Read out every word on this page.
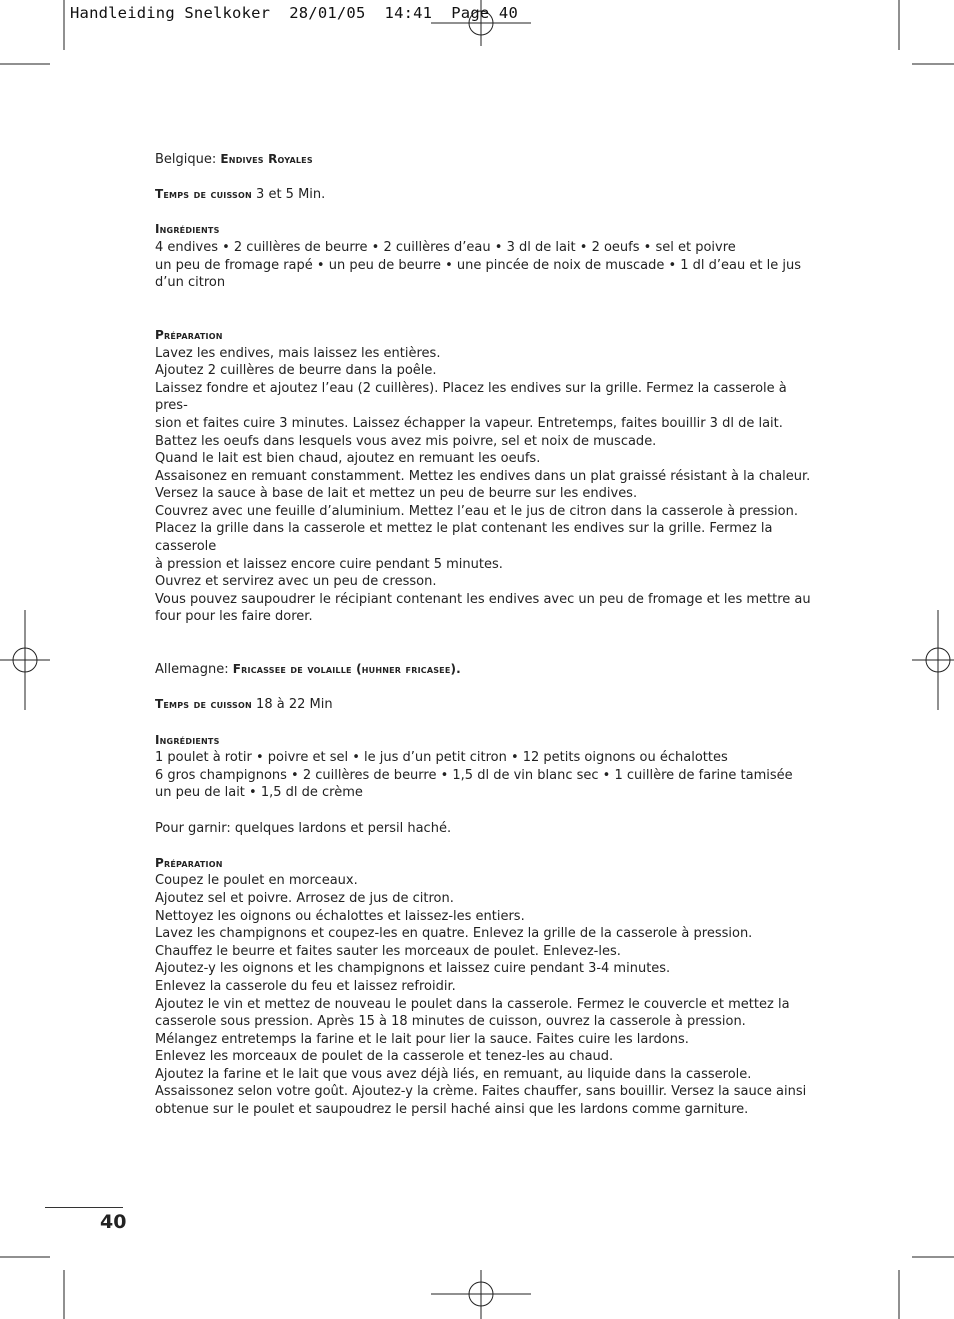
Handleiding Snelkoker  28/01/05  14:41  Page 40

Belgique: Endives Royales

Temps de cuisson 3 et 5 Min.

Ingrédients

4 endives • 2 cuillères de beurre • 2 cuillères d’eau • 3 dl de lait • 2 oeufs • sel et poivre

un peu de fromage rapé • un peu de beurre • une pincée de noix de muscade • 1 dl d’eau et le jus

d’un citron

Préparation

Lavez les endives, mais laissez les entières.

Ajoutez 2 cuillères de beurre dans la poêle.

Laissez fondre et ajoutez l’eau (2 cuillères). Placez les endives sur la grille. Fermez la casserole à pres-

sion et faites cuire 3 minutes. Laissez échapper la vapeur. Entretemps, faites bouillir 3 dl de lait.

Battez les oeufs dans lesquels vous avez mis poivre, sel et noix de muscade.

Quand le lait est bien chaud, ajoutez en remuant les oeufs.

Assaisonez en remuant constamment. Mettez les endives dans un plat graissé résistant à la chaleur.

Versez la sauce à base de lait et mettez un peu de beurre sur les endives.

Couvrez avec une feuille d’aluminium. Mettez l’eau et le jus de citron dans la casserole à pression.

Placez la grille dans la casserole et mettez le plat contenant les endives sur la grille. Fermez la casserole

à pression et laissez encore cuire pendant 5 minutes.

Ouvrez et servirez avec un peu de cresson.

Vous pouvez saupoudrer le récipiant contenant les endives avec un peu de fromage et les mettre au

four pour les faire dorer.

Allemagne: Fricassee de volaille (huhner fricasee).

Temps de cuisson 18 à 22 Min

Ingrédients

1 poulet à rotir • poivre et sel • le jus d’un petit citron • 12 petits oignons ou échalottes

6 gros champignons • 2 cuillères de beurre • 1,5 dl de vin blanc sec • 1 cuillère de farine tamisée

un peu de lait • 1,5 dl de crème

Pour garnir: quelques lardons et persil haché.

Préparation

Coupez le poulet en morceaux.

Ajoutez sel et poivre. Arrosez de jus de citron.

Nettoyez les oignons ou échalottes et laissez-les entiers.

Lavez les champignons et coupez-les en quatre. Enlevez la grille de la casserole à pression.

Chauffez le beurre et faites sauter les morceaux de poulet. Enlevez-les.

Ajoutez-y les oignons et les champignons et laissez cuire pendant 3-4 minutes.

Enlevez la casserole du feu et laissez refroidir.

Ajoutez le vin et mettez de nouveau le poulet dans la casserole. Fermez le couvercle et mettez la

casserole sous pression. Après 15 à 18 minutes de cuisson, ouvrez la casserole à pression.

Mélangez entretemps la farine et le lait pour lier la sauce. Faites cuire les lardons.

Enlevez les morceaux de poulet de la casserole et tenez-les au chaud.

Ajoutez la farine et le lait que vous avez déjà liés, en remuant, au liquide dans la casserole.

Assaissonez selon votre goût. Ajoutez-y la crème. Faites chauffer, sans bouillir. Versez la sauce ainsi

obtenue sur le poulet et saupoudrez le persil haché ainsi que les lardons comme garniture.

40
